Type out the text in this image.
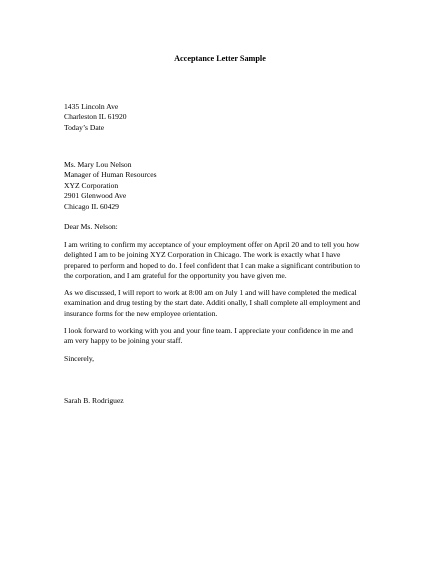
Acceptance Letter Sample
1435 Lincoln Ave
Charleston IL 61920
Today’s Date
Ms. Mary Lou Nelson
Manager of Human Resources
XYZ Corporation
2901 Glenwood Ave
Chicago IL 60429
Dear Ms. Nelson:
I am writing to confirm my acceptance of your employment offer on April 20 and to tell you how
delighted I am to be joining XYZ Corporation in Chicago. The work is exactly what I have
prepared to perform and hoped to do. I feel confident that I can make a significant contribution to
the corporation, and I am grateful for the opportunity you have given me.
As we discussed, I will report to work at 8:00 am on July 1 and will have completed the medical
examination and drug testing by the start date. Additi onally, I shall complete all employment and
insurance forms for the new employee orientation.
I look forward to working with you and your fine team. I appreciate your confidence in me and
am very happy to be joining your staff.
Sincerely,
Sarah B. Rodriguez
